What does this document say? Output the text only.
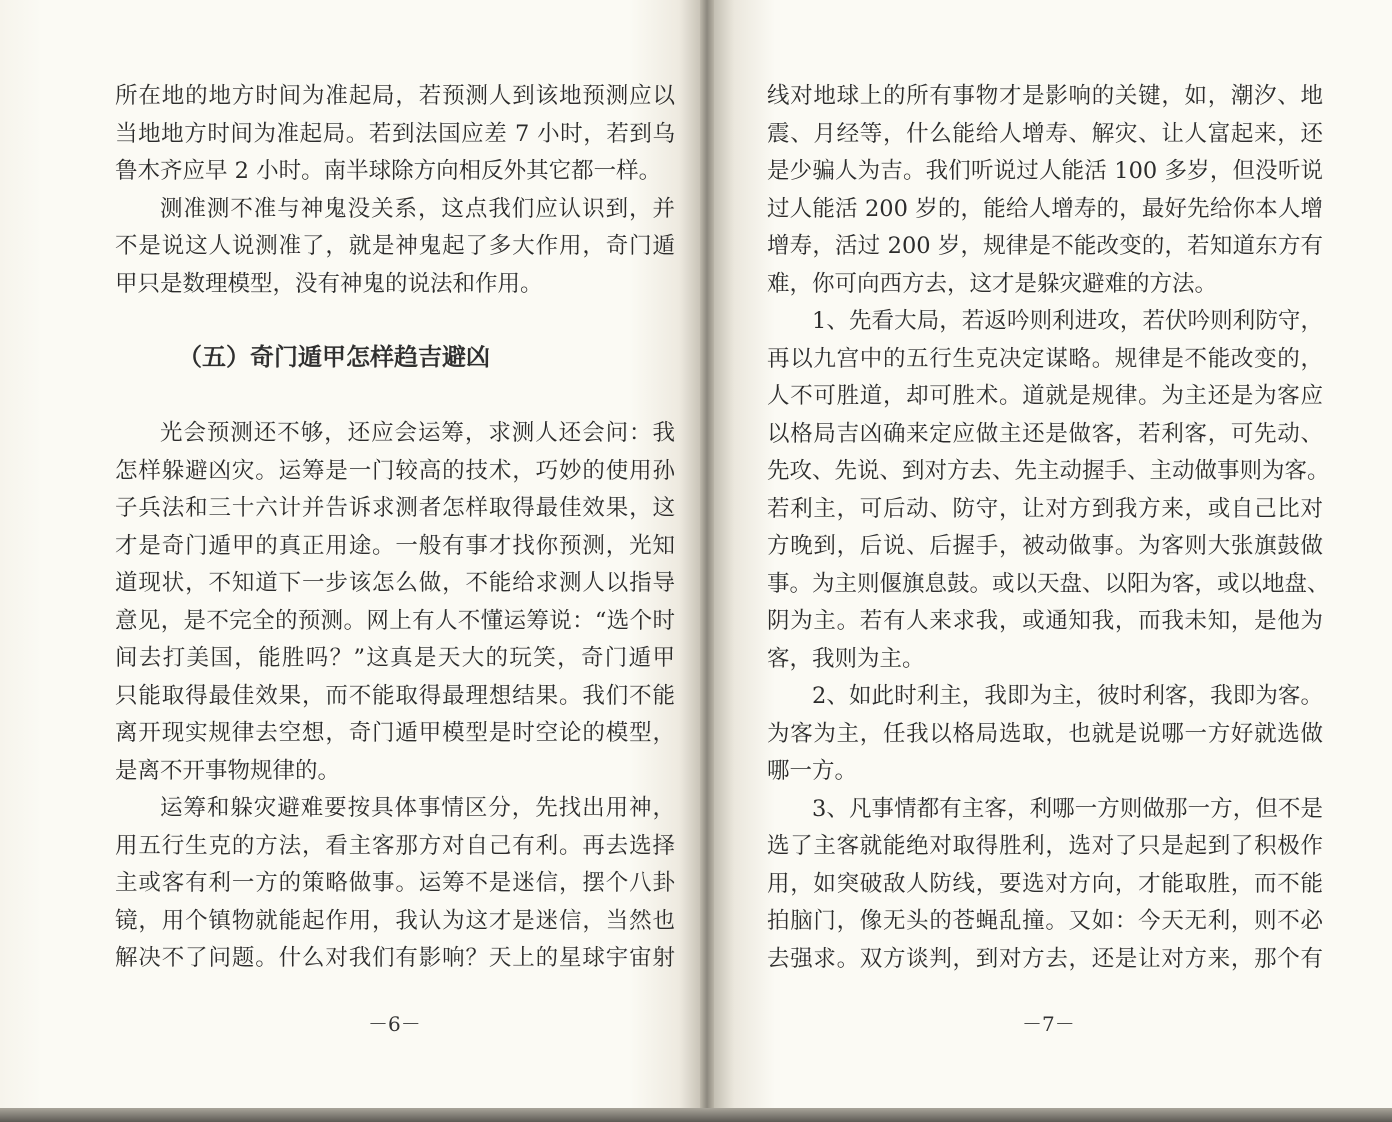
所在地的地方时间为准起局，若预测人到该地预测应以
当地地方时间为准起局。若到法国应差 7 小时，若到乌
鲁木齐应早 2 小时。南半球除方向相反外其它都一样。
测准测不准与神鬼没关系，这点我们应认识到，并
不是说这人说测准了，就是神鬼起了多大作用，奇门遁
甲只是数理模型，没有神鬼的说法和作用。
（五）奇门遁甲怎样趋吉避凶
光会预测还不够，还应会运筹，求测人还会问：我
怎样躲避凶灾。运筹是一门较高的技术，巧妙的使用孙
子兵法和三十六计并告诉求测者怎样取得最佳效果，这
才是奇门遁甲的真正用途。一般有事才找你预测，光知
道现状，不知道下一步该怎么做，不能给求测人以指导
意见，是不完全的预测。网上有人不懂运筹说：“选个时
间去打美国，能胜吗？”这真是天大的玩笑，奇门遁甲
只能取得最佳效果，而不能取得最理想结果。我们不能
离开现实规律去空想，奇门遁甲模型是时空论的模型，
是离不开事物规律的。
运筹和躲灾避难要按具体事情区分，先找出用神，
用五行生克的方法，看主客那方对自己有利。再去选择
主或客有利一方的策略做事。运筹不是迷信，摆个八卦
镜，用个镇物就能起作用，我认为这才是迷信，当然也
解决不了问题。什么对我们有影响？天上的星球宇宙射
－6－
线对地球上的所有事物才是影响的关键，如，潮汐、地
震、月经等，什么能给人增寿、解灾、让人富起来，还
是少骗人为吉。我们听说过人能活 100 多岁，但没听说
过人能活 200 岁的，能给人增寿的，最好先给你本人增
增寿，活过 200 岁，规律是不能改变的，若知道东方有
难，你可向西方去，这才是躲灾避难的方法。
1、先看大局，若返吟则利进攻，若伏吟则利防守，
再以九宫中的五行生克决定谋略。规律是不能改变的，
人不可胜道，却可胜术。道就是规律。为主还是为客应
以格局吉凶确来定应做主还是做客，若利客，可先动、
先攻、先说、到对方去、先主动握手、主动做事则为客。
若利主，可后动、防守，让对方到我方来，或自己比对
方晚到，后说、后握手，被动做事。为客则大张旗鼓做
事。为主则偃旗息鼓。或以天盘、以阳为客，或以地盘、
阴为主。若有人来求我，或通知我，而我未知，是他为
客，我则为主。
2、如此时利主，我即为主，彼时利客，我即为客。
为客为主，任我以格局选取，也就是说哪一方好就选做
哪一方。
3、凡事情都有主客，利哪一方则做那一方，但不是
选了主客就能绝对取得胜利，选对了只是起到了积极作
用，如突破敌人防线，要选对方向，才能取胜，而不能
拍脑门，像无头的苍蝇乱撞。又如：今天无利，则不必
去强求。双方谈判，到对方去，还是让对方来，那个有
－7－
